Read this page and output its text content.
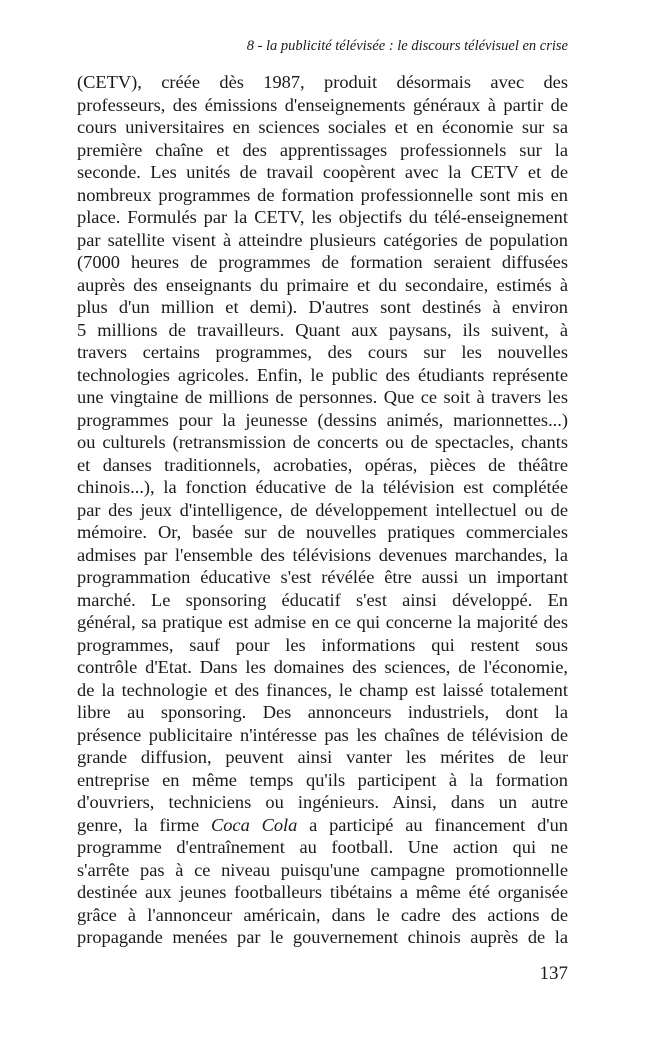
8 - la publicité télévisée : le discours télévisuel en crise
(CETV), créée dès 1987, produit désormais avec des
professeurs, des émissions d'enseignements généraux à partir de
cours universitaires en sciences sociales et en économie sur sa
première chaîne et des apprentissages professionnels sur la
seconde. Les unités de travail coopèrent avec la CETV et de
nombreux programmes de formation professionnelle sont mis en
place. Formulés par la CETV, les objectifs du télé-enseignement
par satellite visent à atteindre plusieurs catégories de population
(7000 heures de programmes de formation seraient diffusées
auprès des enseignants du primaire et du secondaire, estimés à
plus d'un million et demi). D'autres sont destinés à environ
5 millions de travailleurs. Quant aux paysans, ils suivent, à
travers certains programmes, des cours sur les nouvelles
technologies agricoles. Enfin, le public des étudiants représente
une vingtaine de millions de personnes. Que ce soit à travers les
programmes pour la jeunesse (dessins animés, marionnettes...)
ou culturels (retransmission de concerts ou de spectacles, chants
et danses traditionnels, acrobaties, opéras, pièces de théâtre
chinois...), la fonction éducative de la télévision est complétée
par des jeux d'intelligence, de développement intellectuel ou de
mémoire. Or, basée sur de nouvelles pratiques commerciales
admises par l'ensemble des télévisions devenues marchandes, la
programmation éducative s'est révélée être aussi un important
marché. Le sponsoring éducatif s'est ainsi développé. En
général, sa pratique est admise en ce qui concerne la majorité des
programmes, sauf pour les informations qui restent sous
contrôle d'Etat. Dans les domaines des sciences, de l'économie,
de la technologie et des finances, le champ est laissé totalement
libre au sponsoring. Des annonceurs industriels, dont la
présence publicitaire n'intéresse pas les chaînes de télévision de
grande diffusion, peuvent ainsi vanter les mérites de leur
entreprise en même temps qu'ils participent à la formation
d'ouvriers, techniciens ou ingénieurs. Ainsi, dans un autre
genre, la firme Coca Cola a participé au financement d'un
programme d'entraînement au football. Une action qui ne
s'arrête pas à ce niveau puisqu'une campagne promotionnelle
destinée aux jeunes footballeurs tibétains a même été organisée
grâce à l'annonceur américain, dans le cadre des actions de
propagande menées par le gouvernement chinois auprès de la
137
